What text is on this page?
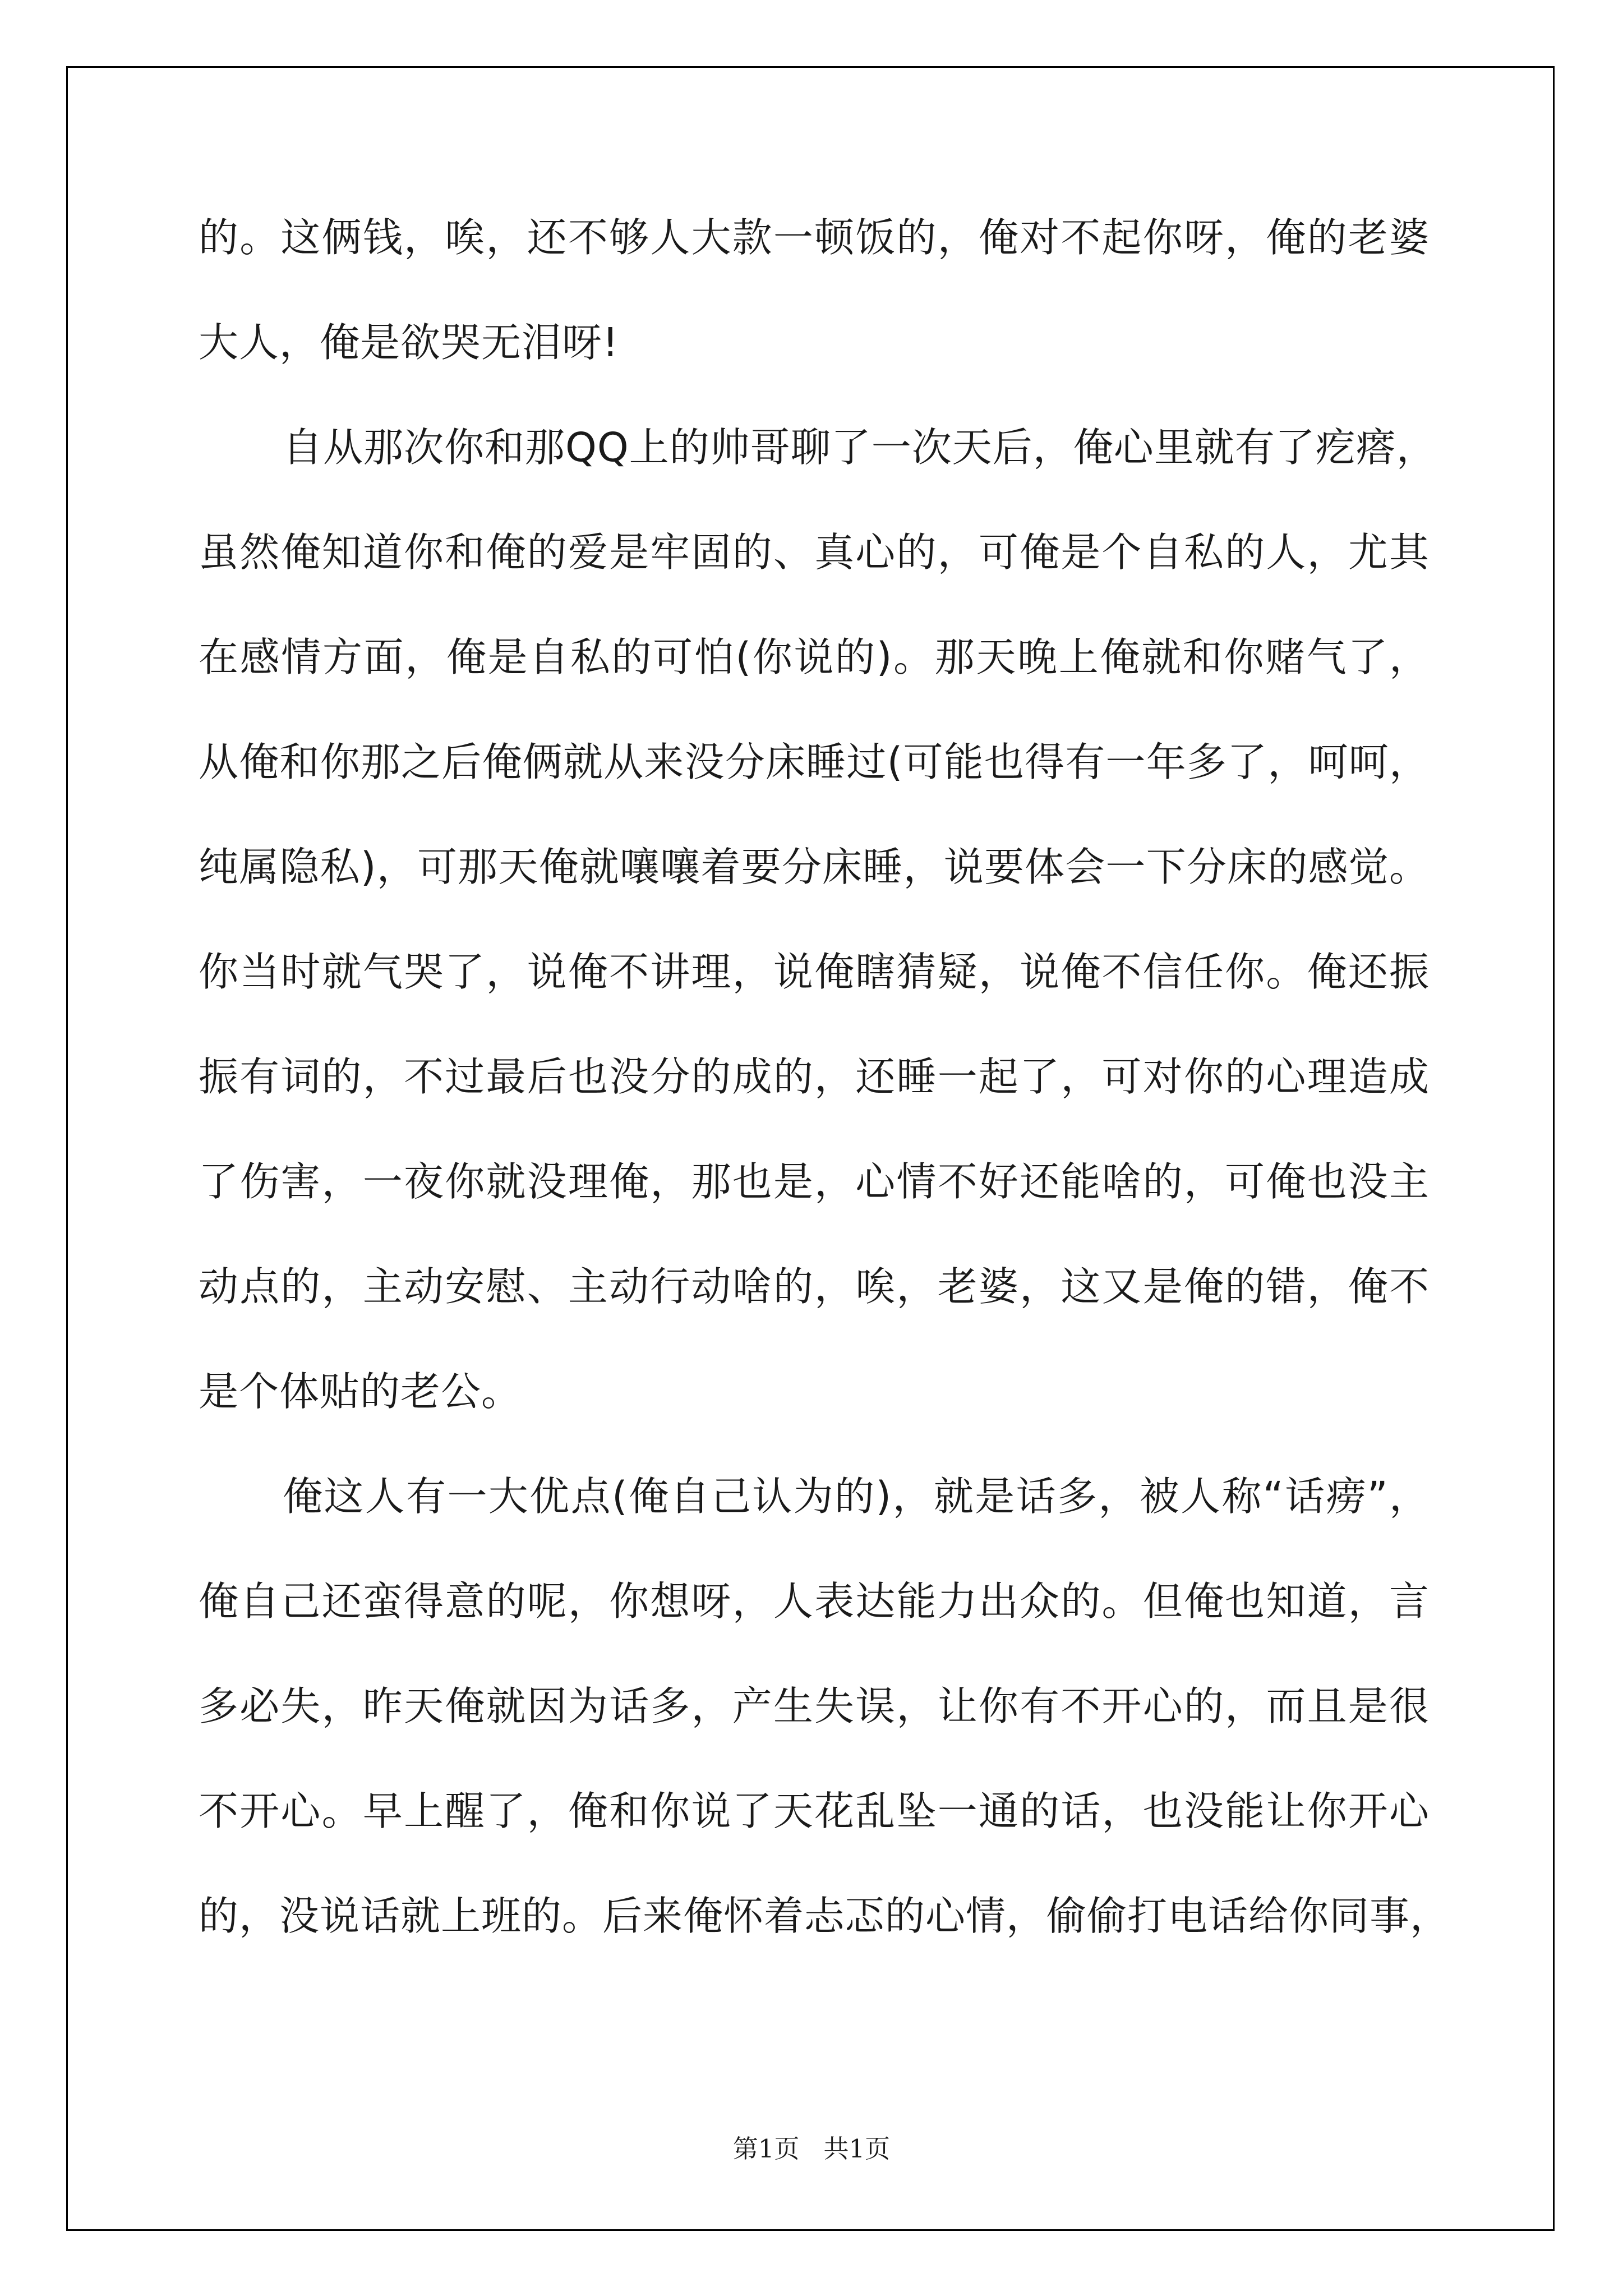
的。这俩钱，唉，还不够人大款一顿饭的，俺对不起你呀，俺的老婆
大人，俺是欲哭无泪呀!
自从那次你和那QQ上的帅哥聊了一次天后，俺心里就有了疙瘩，
虽然俺知道你和俺的爱是牢固的、真心的，可俺是个自私的人，尤其
在感情方面，俺是自私的可怕(你说的)。那天晚上俺就和你赌气了，
从俺和你那之后俺俩就从来没分床睡过(可能也得有一年多了，呵呵，
纯属隐私)，可那天俺就嚷嚷着要分床睡，说要体会一下分床的感觉。
你当时就气哭了，说俺不讲理，说俺瞎猜疑，说俺不信任你。俺还振
振有词的，不过最后也没分的成的，还睡一起了，可对你的心理造成
了伤害，一夜你就没理俺，那也是，心情不好还能啥的，可俺也没主
动点的，主动安慰、主动行动啥的，唉，老婆，这又是俺的错，俺不
是个体贴的老公。
俺这人有一大优点(俺自己认为的)，就是话多，被人称“话痨”，
俺自己还蛮得意的呢，你想呀，人表达能力出众的。但俺也知道，言
多必失，昨天俺就因为话多，产生失误，让你有不开心的，而且是很
不开心。早上醒了，俺和你说了天花乱坠一通的话，也没能让你开心
的，没说话就上班的。后来俺怀着忐忑的心情，偷偷打电话给你同事，
第1页   共1页
